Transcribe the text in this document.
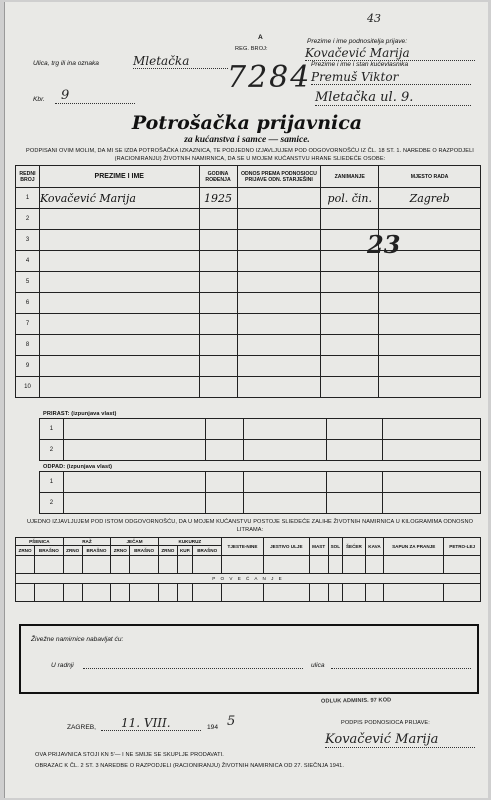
43
A
REG. BROJ:
Prezime i ime podnositelja prijave:
Kovačević Marija
Ulica, trg ili ina oznaka	Mletačka	Prezime i ime i stan kućevlasnika
7284 Premuš Viktor
Mletačka ul. 9.
Kbr.	9
Potrošačka prijavnica
za kućanstva i samce — samice.
PODPISANI OVIM MOLIM, DA MI SE IZDA POTROŠAČKA IZKAZNICA, TE PODJEDNO IZJAVLJUJEM POD ODGOVORNOŠĆU IZ ČL. 18 ST. 1. NAREDBE O RAZPODJELI (RACIONIRANJU) ŽIVOTNIH NAMIRNICA, DA SE U MOJEM KUĆANSTVU HRANE SLIEDEĆE OSOBE:
REDNI BROJ	PREZIME I IME	GODINA ROĐENJA	ODNOS PREMA PODNOSIOCU PRIJAVE ODN. STARJEŠINI	ZANIMANJE	MJESTO RADA
1	Kovačević Marija	1925		pol. čin.	Zagreb
2					
3					
4					
5					
6					
7					
8					
9					
10					
23
PRIRAST: (izpunjava vlast)
1					
2					
ODPAD: (izpunjava vlast)
1					
2					
UJEDNO IZJAVLJUJEM POD ISTOM ODGOVORNOŠĆU, DA U MOJEM KUĆANSTVU POSTOJE SLIEDEĆE ZALIHE ŽIVOTNIH NAMIRNICA U KILOGRAMIMA ODNOSNO LITRAMA:
PŠENICA		RAŽ		JEČAM		KUKURUZ			TJESTE-NINE	JESTIVO ULJE	MAST	SOL	ŠEĆER	KAVA	SAPUN ZA PRANJE	PETRO-LEJ
ZRNO	BRAŠNO	ZRNO	BRAŠNO	ZRNO	BRAŠNO	ZRNO	KUP.	BRAŠNO								

P O V E Ć A N J E																

Živežne namirnice nabavljat ću:
U radnji	ulica
ODLUK ADMINIS. 97 KOD
ZAGREB,	11. VIII.	194 5	PODPIS PODNOSIOCA PRIJAVE:
Kovačević Marija
OVA PRIJAVNICA STOJI KN 5'— I NE SMIJE SE SKUPLJE PRODAVATI.
OBRAZAC K ČL. 2 ST. 3 NAREDBE O RAZPODJELI (RACIONIRANJU) ŽIVOTNIH NAMIRNICA OD 27. SIEČNJA 1941.
